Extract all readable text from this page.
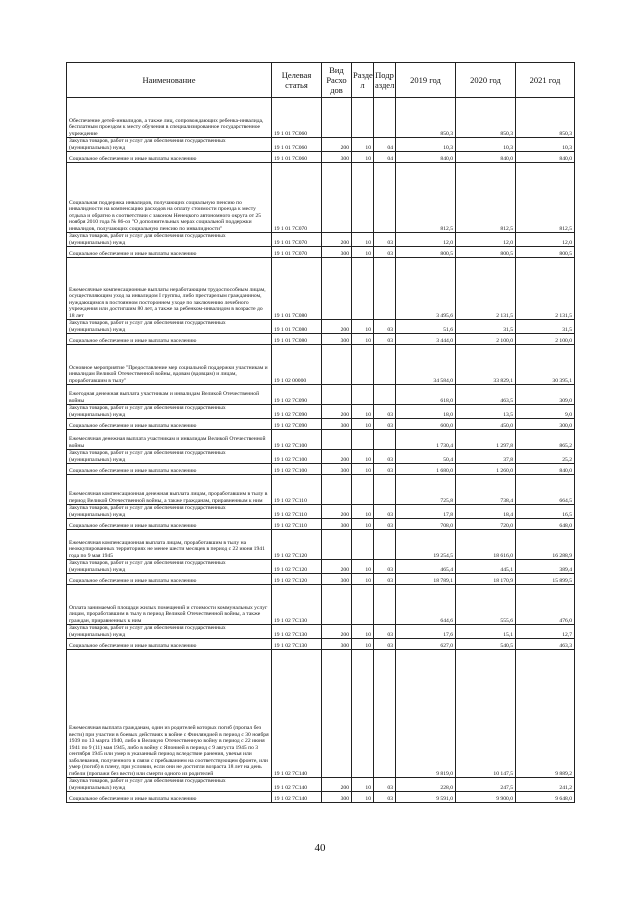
Наименование	Целевая статья	Вид Расхо дов	Разде л	Подр аздел	2019 год	2020 год	2021 год
Обеспечение детей-инвалидов, а также лиц, сопровождающих ребенка-инвалида, бесплатным проездом к месту обучения в специализированное государственное учреждение	19 1 01 7С060				850,3	850,3	850,3
Закупка товаров, работ и услуг для обеспечения государственных (муниципальных) нужд	19 1 01 7С060	200	10	04	10,3	10,3	10,3
Социальное обеспечение и иные выплаты населению	19 1 01 7С060	300	10	04	840,0	840,0	840,0
Социальная поддержка инвалидов, получающих социальную пенсию по инвалидности на компенсацию расходов на оплату стоимости проезда к месту отдыха и обратно в соответствии с законом Ненецкого автономного округа от 25 ноября 2010 года № 86-оз "О дополнительных мерах социальной поддержки инвалидов, получающих социальную пенсию по инвалидности"	19 1 01 7С070				812,5	812,5	812,5
Закупка товаров, работ и услуг для обеспечения государственных (муниципальных) нужд	19 1 01 7С070	200	10	03	12,0	12,0	12,0
Социальное обеспечение и иные выплаты населению	19 1 01 7С070	300	10	03	800,5	800,5	800,5
Ежемесячные компенсационные выплаты неработающим трудоспособным лицам, осуществляющим уход за инвалидом I группы, либо престарелым гражданином, нуждающимся в постоянном постороннем уходе по заключению лечебного учреждения или достигшим 80 лет, а также за ребенком-инвалидом в возрасте до 18 лет	19 1 01 7С080				3 495,6	2 131,5	2 131,5
Закупка товаров, работ и услуг для обеспечения государственных (муниципальных) нужд	19 1 01 7С080	200	10	03	51,6	31,5	31,5
Социальное обеспечение и иные выплаты населению	19 1 01 7С080	300	10	03	3 444,0	2 100,0	2 100,0
Основное мероприятие "Предоставление мер социальной поддержки участникам и инвалидам Великой Отечественной войны, вдовам (вдовцам) и лицам, проработавшим в тылу"	19 1 02 00000				34 584,0	33 829,1	30 395,1
Ежегодная денежная выплата участникам и инвалидам Великой Отечественной войны	19 1 02 7С090				618,0	463,5	309,0
Закупка товаров, работ и услуг для обеспечения государственных (муниципальных) нужд	19 1 02 7С090	200	10	03	18,0	13,5	9,0
Социальное обеспечение и иные выплаты населению	19 1 02 7С090	300	10	03	600,0	450,0	300,0
Ежемесячная денежная выплата участникам и инвалидам Великой Отечественной войны	19 1 02 7С100				1 730,4	1 297,8	865,2
Закупка товаров, работ и услуг для обеспечения государственных (муниципальных) нужд	19 1 02 7С100	200	10	03	50,4	37,8	25,2
Социальное обеспечение и иные выплаты населению	19 1 02 7С100	300	10	03	1 680,0	1 260,0	840,0
Ежемесячная компенсационная денежная выплата лицам, проработавшим в тылу в период Великой Отечественной войны, а также гражданам, приравненным к ним	19 1 02 7С110				725,8	738,4	664,5
Закупка товаров, работ и услуг для обеспечения государственных (муниципальных) нужд	19 1 02 7С110	200	10	03	17,8	18,4	16,5
Социальное обеспечение и иные выплаты населению	19 1 02 7С110	300	10	03	708,0	720,0	648,0
Ежемесячная компенсационная выплата лицам, проработавшим в тылу на неоккупированных территориях не менее шести месяцев в период с 22 июня 1941 года по 9 мая 1945	19 1 02 7С120				19 254,5	18 616,0	16 288,9
Закупка товаров, работ и услуг для обеспечения государственных (муниципальных) нужд	19 1 02 7С120	200	10	03	465,4	445,1	389,4
Социальное обеспечение и иные выплаты населению	19 1 02 7С120	300	10	03	18 789,1	18 170,9	15 899,5
Оплата занимаемой площади жилых помещений и стоимости коммунальных услуг лицам, проработавшим в тылу в период Великой Отечественной войны, а также граждан, приравненных к ним	19 1 02 7С130				644,6	555,6	476,0
Закупка товаров, работ и услуг для обеспечения государственных (муниципальных) нужд	19 1 02 7С130	200	10	03	17,6	15,1	12,7
Социальное обеспечение и иные выплаты населению	19 1 02 7С130	300	10	03	627,0	540,5	463,3
Ежемесячная выплата гражданам, один из родителей которых погиб (пропал без вести) при участии в боевых действиях в войне с Финляндией в период с 30 ноября 1939 по 13 марта 1940, либо в Великую Отечественную войну в период с 22 июня 1941 по 9 (11) мая 1945, либо в войну с Японией в период с 9 августа 1945 по 3 сентября 1945 или умер в указанный период вследствие ранения, увечья или заболевания, полученного в связи с пребыванием на соответствующем фронте, или умер (погиб) в плену, при условии, если они не достигли возраста 18 лет на день гибели (пропажи без вести) или смерти одного из родителей	19 1 02 7С140				9 819,0	10 147,5	9 889,2
Закупка товаров, работ и услуг для обеспечения государственных (муниципальных) нужд	19 1 02 7С140	200	10	03	228,0	247,5	241,2
Социальное обеспечение и иные выплаты населению	19 1 02 7С140	300	10	03	9 591,0	9 900,0	9 648,0
40
